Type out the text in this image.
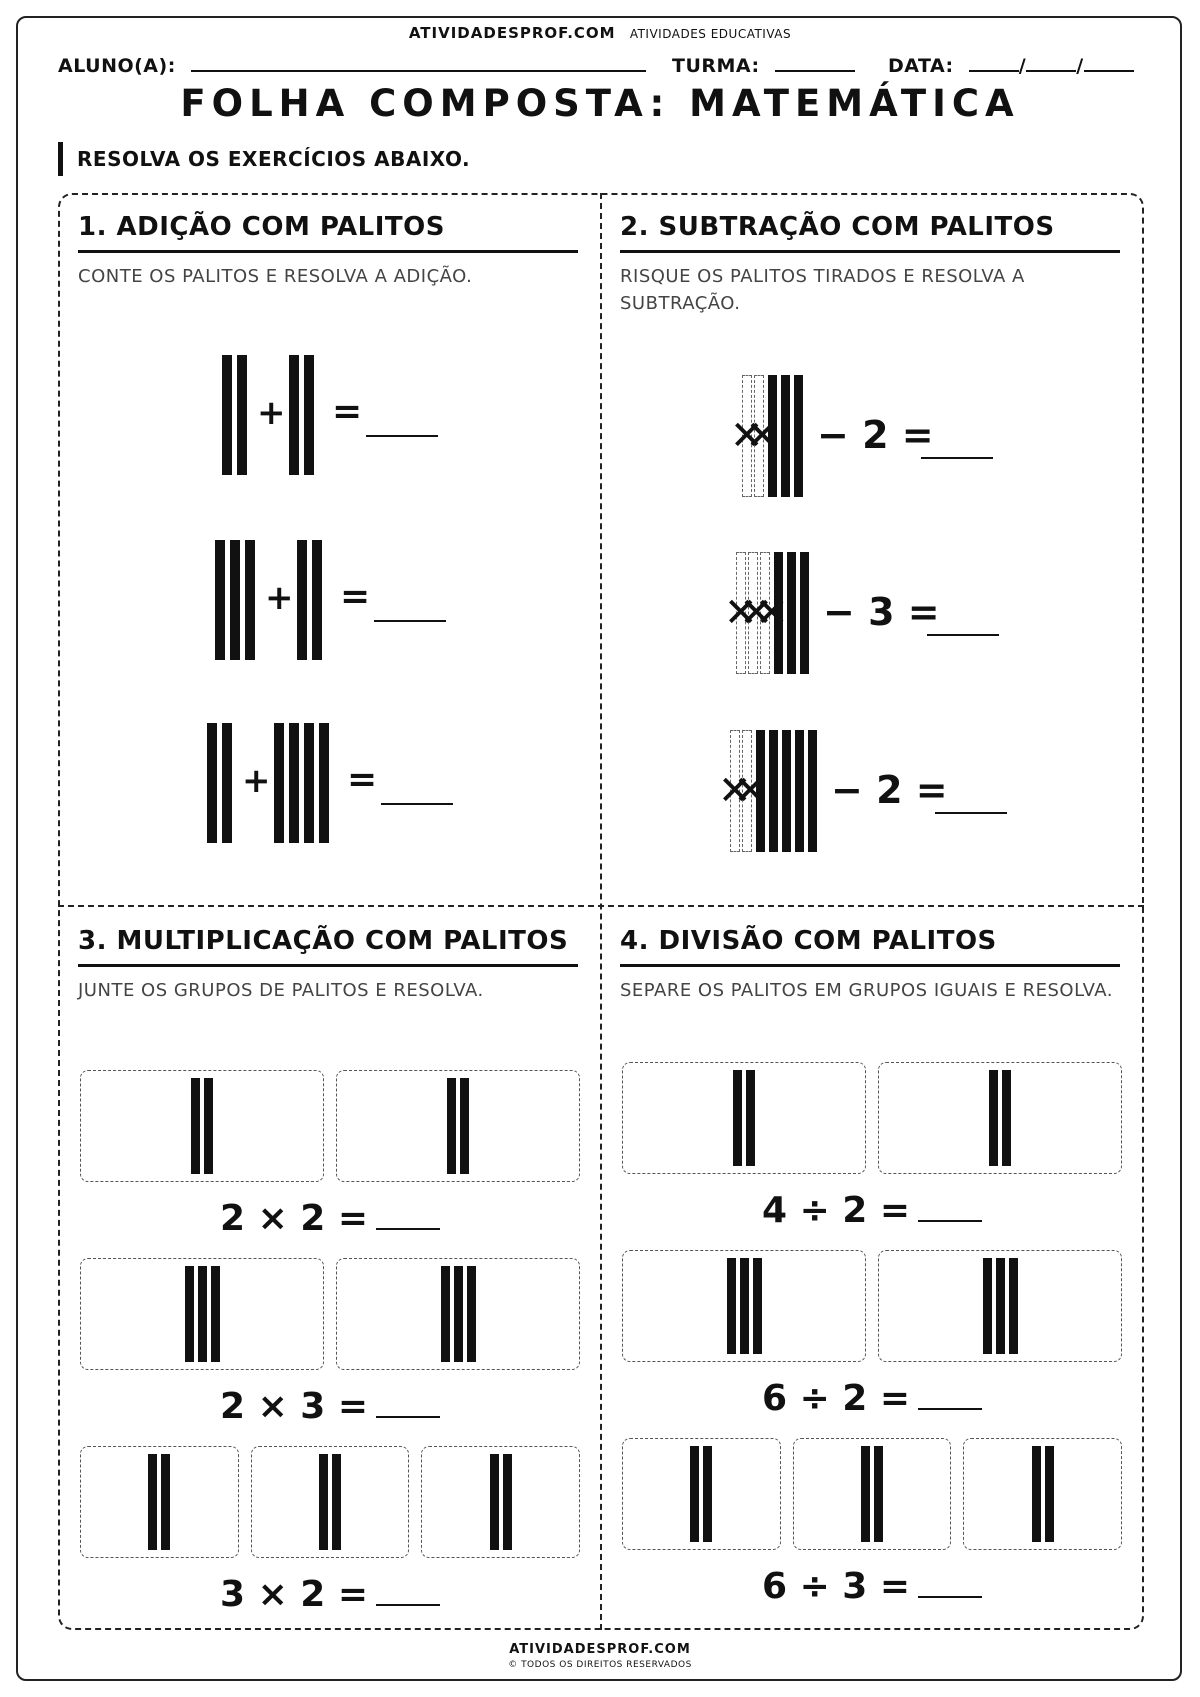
ATIVIDADESPROF.COM ATIVIDADES EDUCATIVAS
ALUNO(A):	TURMA:	DATA:	/	/
FOLHA COMPOSTA: MATEMÁTICA
RESOLVA OS EXERCÍCIOS ABAIXO.
1. ADIÇÃO COM PALITOS
CONTE OS PALITOS E RESOLVA A ADIÇÃO.
2. SUBTRAÇÃO COM PALITOS
RISQUE OS PALITOS TIRADOS E RESOLVA A SUBTRAÇÃO.
3. MULTIPLICAÇÃO COM PALITOS
JUNTE OS GRUPOS DE PALITOS E RESOLVA.
4. DIVISÃO COM PALITOS
SEPARE OS PALITOS EM GRUPOS IGUAIS E RESOLVA.
+ =
+ =
+ =
✕✕ − 2 =
✕✕✕ − 3 =
✕✕ − 2 =
2 × 2 =
2 × 3 =
3 × 2 =
4 ÷ 2 =
6 ÷ 2 =
6 ÷ 3 =
ATIVIDADESPROF.COM
© TODOS OS DIREITOS RESERVADOS
